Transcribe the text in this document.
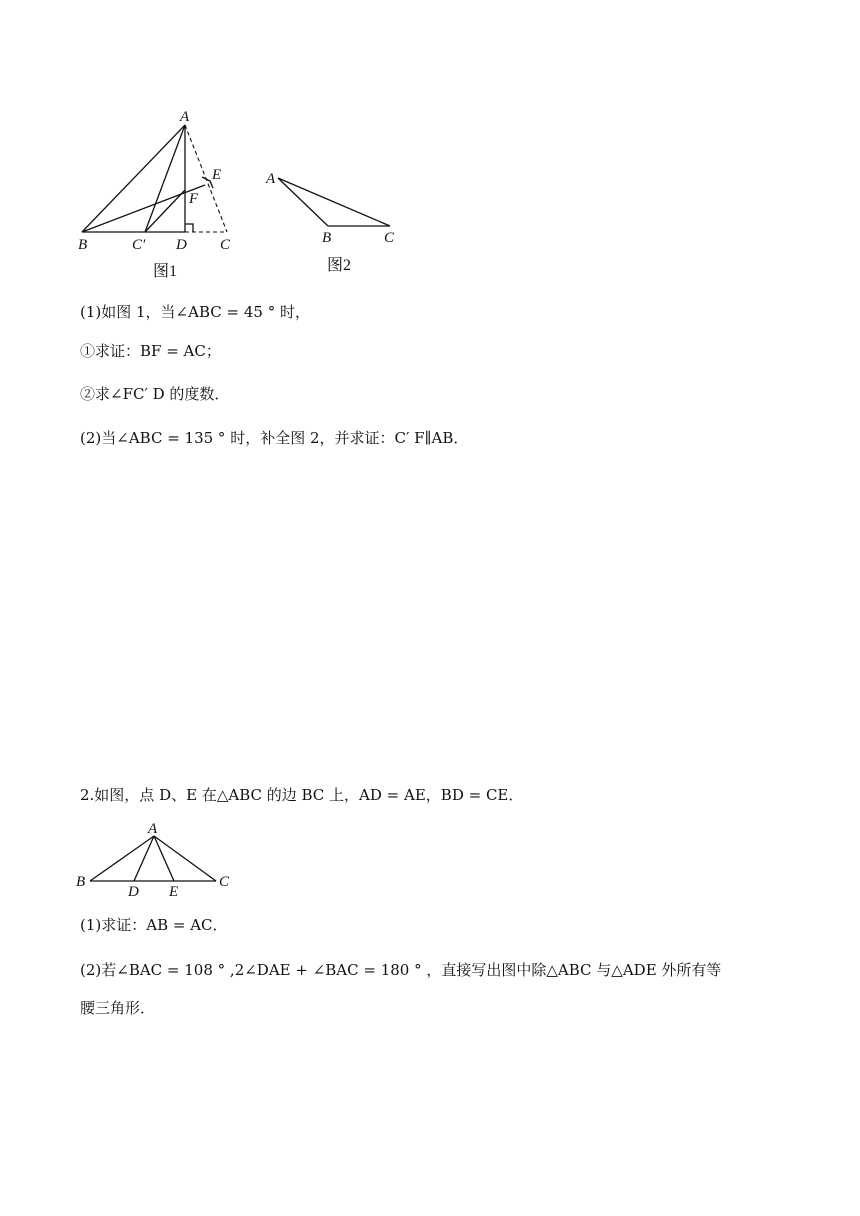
A
E
F
B	C′ D C
图1
A
B	C
图2
(1)如图 1，当∠ABC = 45 ° 时，
①求证：BF = AC；
②求∠FC′ D 的度数．
(2)当∠ABC = 135 ° 时，补全图 2，并求证：C′ F∥AB．
2.如图，点 D、E 在△ABC 的边 BC 上，AD = AE，BD = CE．
A
B
D E
C
(1)求证：AB = AC．
(2)若∠BAC = 108 ° ,2∠DAE + ∠BAC = 180 ° ，直接写出图中除△ABC 与△ADE 外所有等
腰三角形．
